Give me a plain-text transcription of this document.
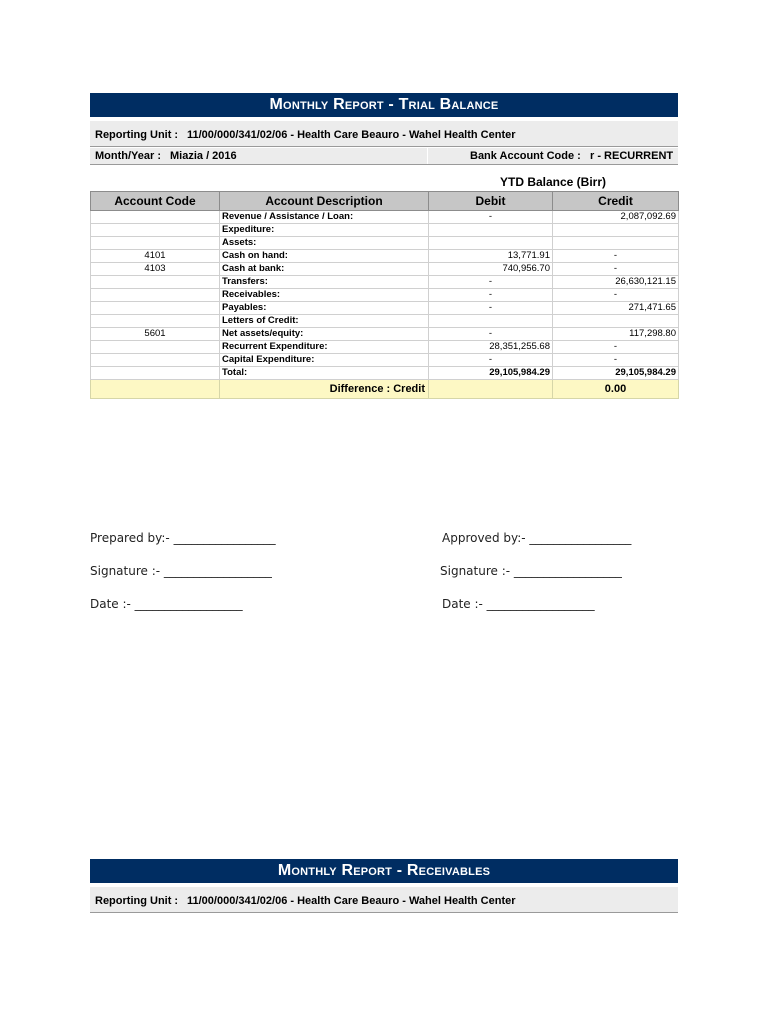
Monthly Report - Trial Balance
Reporting Unit : 11/00/000/341/02/06 - Health Care Beauro - Wahel Health Center
Month/Year : Miazia / 2016	Bank Account Code : r - RECURRENT
YTD Balance (Birr)
Account Code	Account Description	Debit	Credit
	Revenue / Assistance / Loan:	-	2,087,092.69
	Expediture:		
	Assets:		
4101	Cash on hand:	13,771.91	-
4103	Cash at bank:	740,956.70	-
	Transfers:	-	26,630,121.15
	Receivables:	-	-
	Payables:	-	271,471.65
	Letters of Credit:		
5601	Net assets/equity:	-	117,298.80
	Recurrent Expenditure:	28,351,255.68	-
	Capital Expenditure:	-	-
	Total:	29,105,984.29	29,105,984.29
	Difference : Credit		0.00
Prepared by:- _________________	Approved by:- _________________
Signature :- __________________	Signature :- __________________
Date :- __________________	Date :- __________________
Monthly Report - Receivables
Reporting Unit : 11/00/000/341/02/06 - Health Care Beauro - Wahel Health Center
